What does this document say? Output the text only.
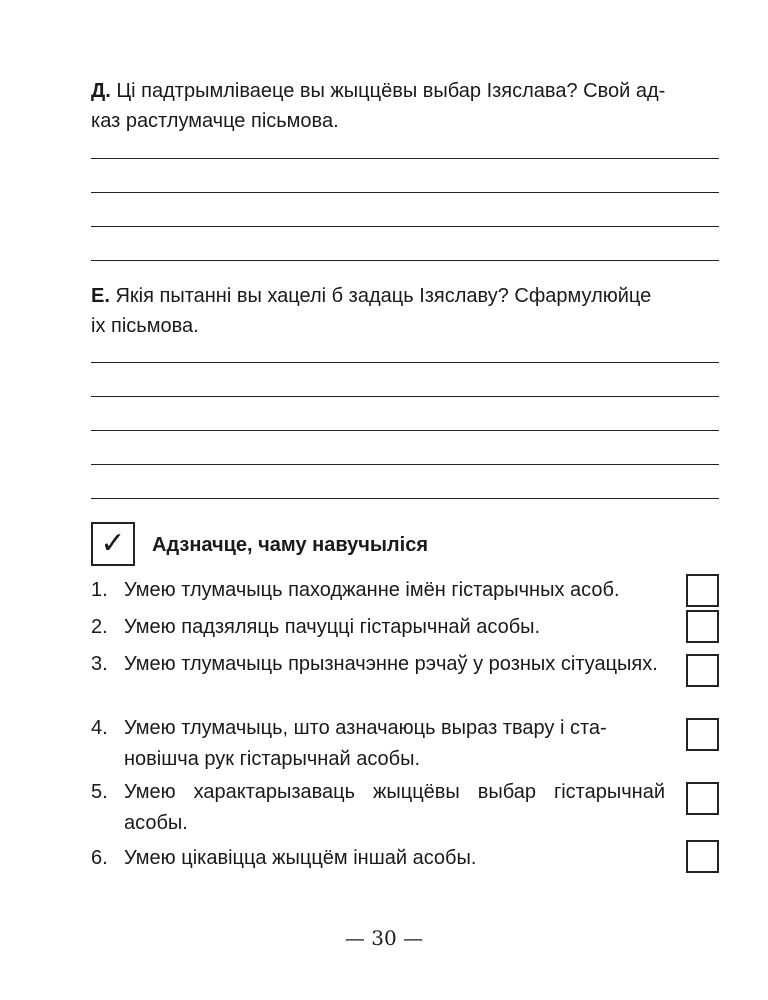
Д. Ці падтрымліваеце вы жыццёвы выбар Ізяслава? Свой ад-
каз растлумачце пісьмова.
Е. Якія пытанні вы хацелі б задаць Ізяславу? Сфармулюйце
іх пісьмова.
✓	Адзначце, чаму навучыліся
1. Умею тлумачыць паходжанне імён гістарычных асоб.
2. Умею падзяляць пачуцці гістарычнай асобы.
3. Умею тлумачыць прызначэнне рэчаў у розных сітуацыях.
4. Умею тлумачыць, што азначаюць выраз твару і ста-
новішча рук гістарычнай асобы.
5. Умею характарызаваць жыццёвы выбар гістарычнай асобы.
6. Умею цікавіцца жыццём іншай асобы.
— 30 —
